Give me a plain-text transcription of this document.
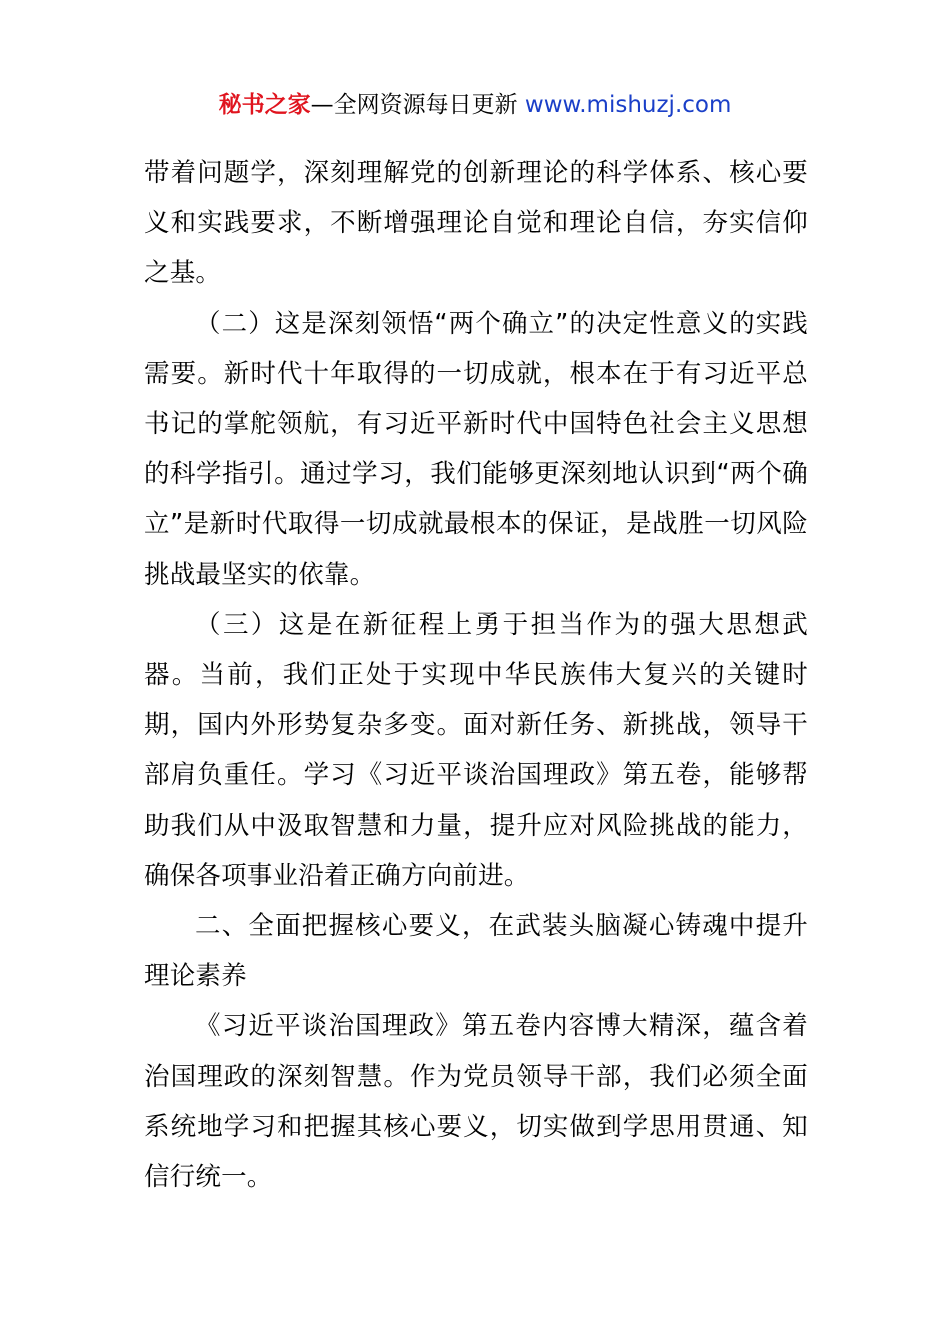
秘书之家—全网资源每日更新 www.mishuzj.com

带着问题学，深刻理解党的创新理论的科学体系、核心要义和实践要求，不断增强理论自觉和理论自信，夯实信仰之基。

（二）这是深刻领悟“两个确立”的决定性意义的实践需要。新时代十年取得的一切成就，根本在于有习近平总书记的掌舵领航，有习近平新时代中国特色社会主义思想的科学指引。通过学习，我们能够更深刻地认识到“两个确立”是新时代取得一切成就最根本的保证，是战胜一切风险挑战最坚实的依靠。

（三）这是在新征程上勇于担当作为的强大思想武器。当前，我们正处于实现中华民族伟大复兴的关键时期，国内外形势复杂多变。面对新任务、新挑战，领导干部肩负重任。学习《习近平谈治国理政》第五卷，能够帮助我们从中汲取智慧和力量，提升应对风险挑战的能力，确保各项事业沿着正确方向前进。

二、全面把握核心要义，在武装头脑凝心铸魂中提升理论素养

《习近平谈治国理政》第五卷内容博大精深，蕴含着治国理政的深刻智慧。作为党员领导干部，我们必须全面系统地学习和把握其核心要义，切实做到学思用贯通、知信行统一。
